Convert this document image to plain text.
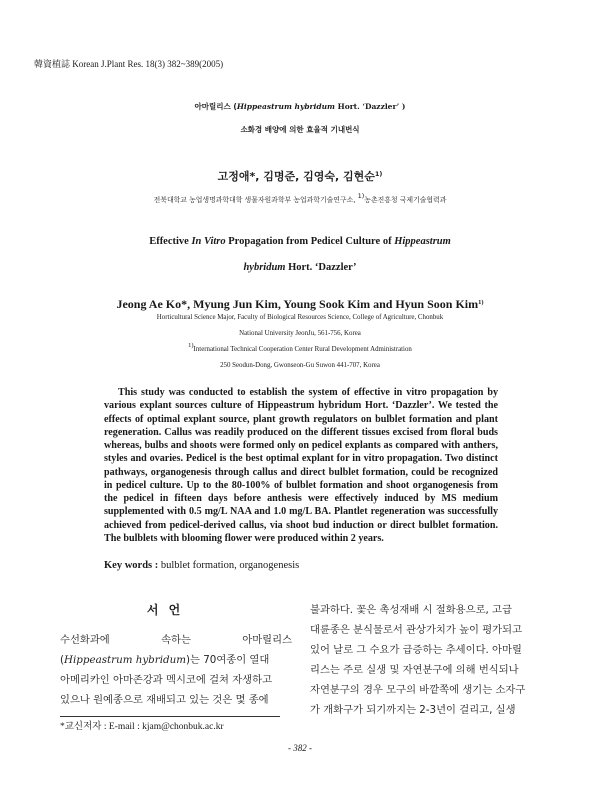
韓資植誌 Korean J.Plant Res. 18(3) 382~389(2005)
아마릴리스 (Hippeastrum hybridum Hort. ‘Dazzler’ )
소화경 배양에 의한 효율적 기내번식
고정애*, 김명준, 김영숙, 김현순$^{1)}$
전북대학교 농업생명과학대학 생물자원과학부 농업과학기술연구소, $^{1)}$농촌진흥청 국제기술협력과
Effective In Vitro Propagation from Pedicel Culture of Hippeastrum
hybridum Hort. ‘Dazzler’
Jeong Ae Ko*, Myung Jun Kim, Young Sook Kim and Hyun Soon Kim$^{1)}$
Horticultural Science Major, Faculty of Biological Resources Science, College of Agriculture, Chonbuk
National University JeonJu, 561-756, Korea
$^{1)}$International Technical Cooperation Center Rural Development Administration
250 Seodun-Dong, Gwonseon-Gu Suwon 441-707, Korea
This study was conducted to establish the system of effective in vitro propagation by various explant sources culture of Hippeastrum hybridum Hort. ‘Dazzler’. We tested the effects of optimal explant source, plant growth regulators on bulblet formation and plant regeneration. Callus was readily produced on the different tissues excised from floral buds whereas, bulbs and shoots were formed only on pedicel explants as compared with anthers, styles and ovaries. Pedicel is the best optimal explant for in vitro propagation. Two distinct pathways, organogenesis through callus and direct bulblet formation, could be recognized in pedicel culture. Up to the 80-100% of bulblet formation and shoot organogenesis from the pedicel in fifteen days before anthesis were effectively induced by MS medium supplemented with 0.5 mg/L NAA and 1.0 mg/L BA. Plantlet regeneration was successfully achieved from pedicel-derived callus, via shoot bud induction or direct bulblet formation. The bulblets with blooming flower were produced within 2 years.
Key words : bulblet formation, organogenesis
서 언
수선화과에	속하는	아마릴리스
(Hippeastrum hybridum)는 70여종이 열대
아메리카인 아마존강과 멕시코에 걸쳐 자생하고
있으나 원예종으로 재배되고 있는 것은 몇 종에
불과하다. 꽃은 촉성재배 시 절화용으로, 고급
대륜종은 분식물로서 관상가치가 높이 평가되고
있어 날로 그 수요가 급증하는 추세이다. 아마릴
리스는 주로 실생 및 자연분구에 의해 번식되나
자연분구의 경우 모구의 바깥쪽에 생기는 소자구
가 개화구가 되기까지는 2-3년이 걸리고, 실생
*교신저자 : E-mail : kjam@chonbuk.ac.kr
- 382 -
